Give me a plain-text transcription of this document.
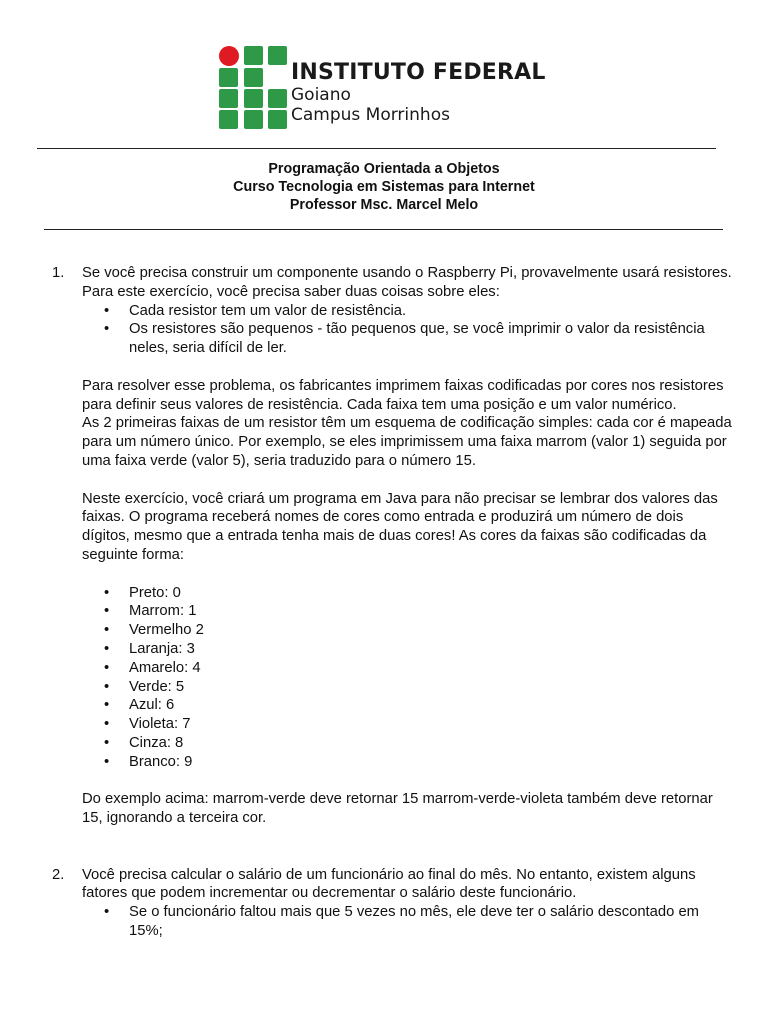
INSTITUTO FEDERAL
Goiano
Campus Morrinhos
Programação Orientada a Objetos
Curso Tecnologia em Sistemas para Internet
Professor Msc. Marcel Melo
1. Se você precisa construir um componente usando o Raspberry Pi, provavelmente usará resistores. Para este exercício, você precisa saber duas coisas sobre eles:

• Cada resistor tem um valor de resistência.
• Os resistores são pequenos - tão pequenos que, se você imprimir o valor da resistência neles, seria difícil de ler.

Para resolver esse problema, os fabricantes imprimem faixas codificadas por cores nos resistores para definir seus valores de resistência. Cada faixa tem uma posição e um valor numérico.

As 2 primeiras faixas de um resistor têm um esquema de codificação simples: cada cor é mapeada para um número único. Por exemplo, se eles imprimissem uma faixa marrom (valor 1) seguida por uma faixa verde (valor 5), seria traduzido para o número 15.

Neste exercício, você criará um programa em Java para não precisar se lembrar dos valores das faixas. O programa receberá nomes de cores como entrada e produzirá um número de dois dígitos, mesmo que a entrada tenha mais de duas cores! As cores da faixas são codificadas da seguinte forma:

• Preto: 0
• Marrom: 1
• Vermelho 2
• Laranja: 3
• Amarelo: 4
• Verde: 5
• Azul: 6
• Violeta: 7
• Cinza: 8
• Branco: 9

Do exemplo acima: marrom-verde deve retornar 15 marrom-verde-violeta também deve retornar 15, ignorando a terceira cor.

2. Você precisa calcular o salário de um funcionário ao final do mês. No entanto, existem alguns fatores que podem incrementar ou decrementar o salário deste funcionário.

• Se o funcionário faltou mais que 5 vezes no mês, ele deve ter o salário descontado em 15%;
